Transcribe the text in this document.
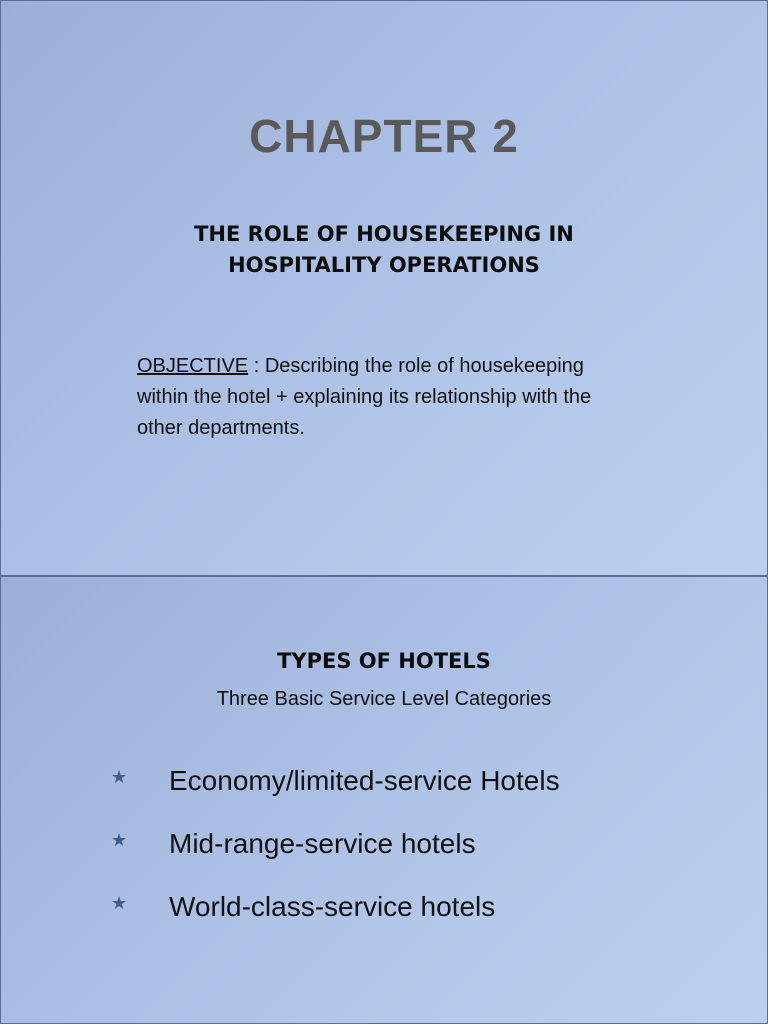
CHAPTER 2
THE ROLE OF HOUSEKEEPING IN
HOSPITALITY OPERATIONS
OBJECTIVE : Describing the role of housekeeping within the hotel + explaining its relationship with the other departments.
TYPES OF HOTELS
Three Basic Service Level Categories
★ Economy/limited-service Hotels
★ Mid-range-service hotels
★ World-class-service hotels
